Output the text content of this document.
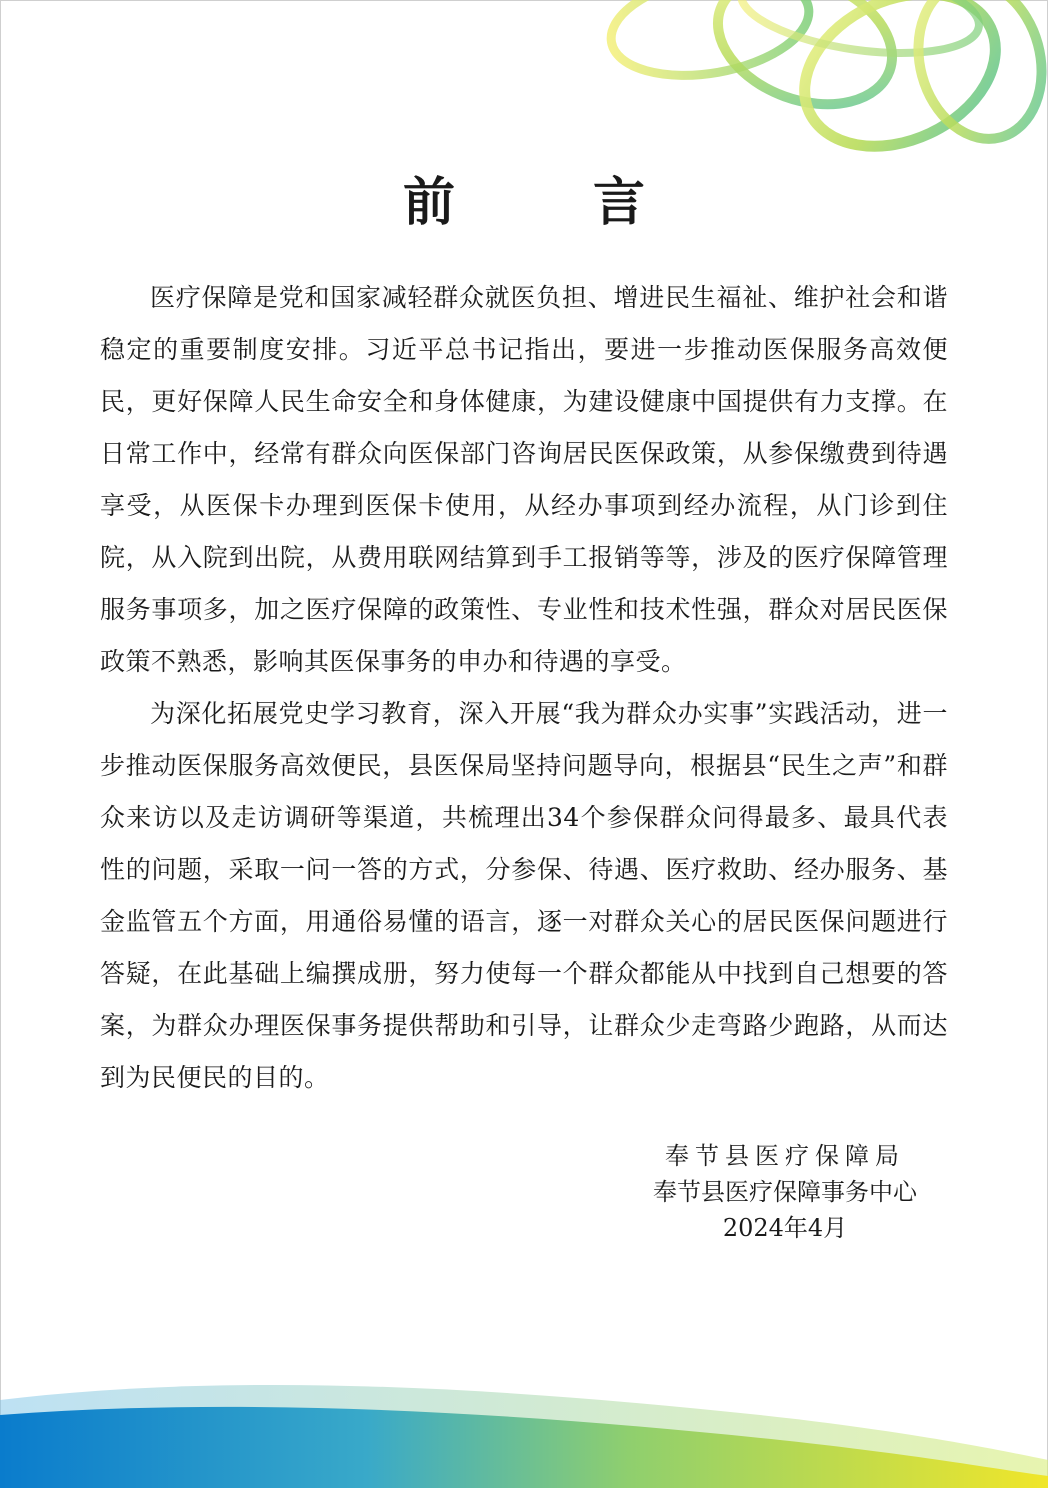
前 言

医疗保障是党和国家减轻群众就医负担、增进民生福祉、维护社会和谐稳定的重要制度安排。习近平总书记指出，要进一步推动医保服务高效便民，更好保障人民生命安全和身体健康，为建设健康中国提供有力支撑。在日常工作中，经常有群众向医保部门咨询居民医保政策，从参保缴费到待遇享受，从医保卡办理到医保卡使用，从经办事项到经办流程，从门诊到住院，从入院到出院，从费用联网结算到手工报销等等，涉及的医疗保障管理服务事项多，加之医疗保障的政策性、专业性和技术性强，群众对居民医保政策不熟悉，影响其医保事务的申办和待遇的享受。

为深化拓展党史学习教育，深入开展“我为群众办实事”实践活动，进一步推动医保服务高效便民，县医保局坚持问题导向，根据县“民生之声”和群众来访以及走访调研等渠道，共梳理出34个参保群众问得最多、最具代表性的问题，采取一问一答的方式，分参保、待遇、医疗救助、经办服务、基金监管五个方面，用通俗易懂的语言，逐一对群众关心的居民医保问题进行答疑，在此基础上编撰成册，努力使每一个群众都能从中找到自己想要的答案，为群众办理医保事务提供帮助和引导，让群众少走弯路少跑路，从而达到为民便民的目的。

奉节县医疗保障局
奉节县医疗保障事务中心
2024年4月
